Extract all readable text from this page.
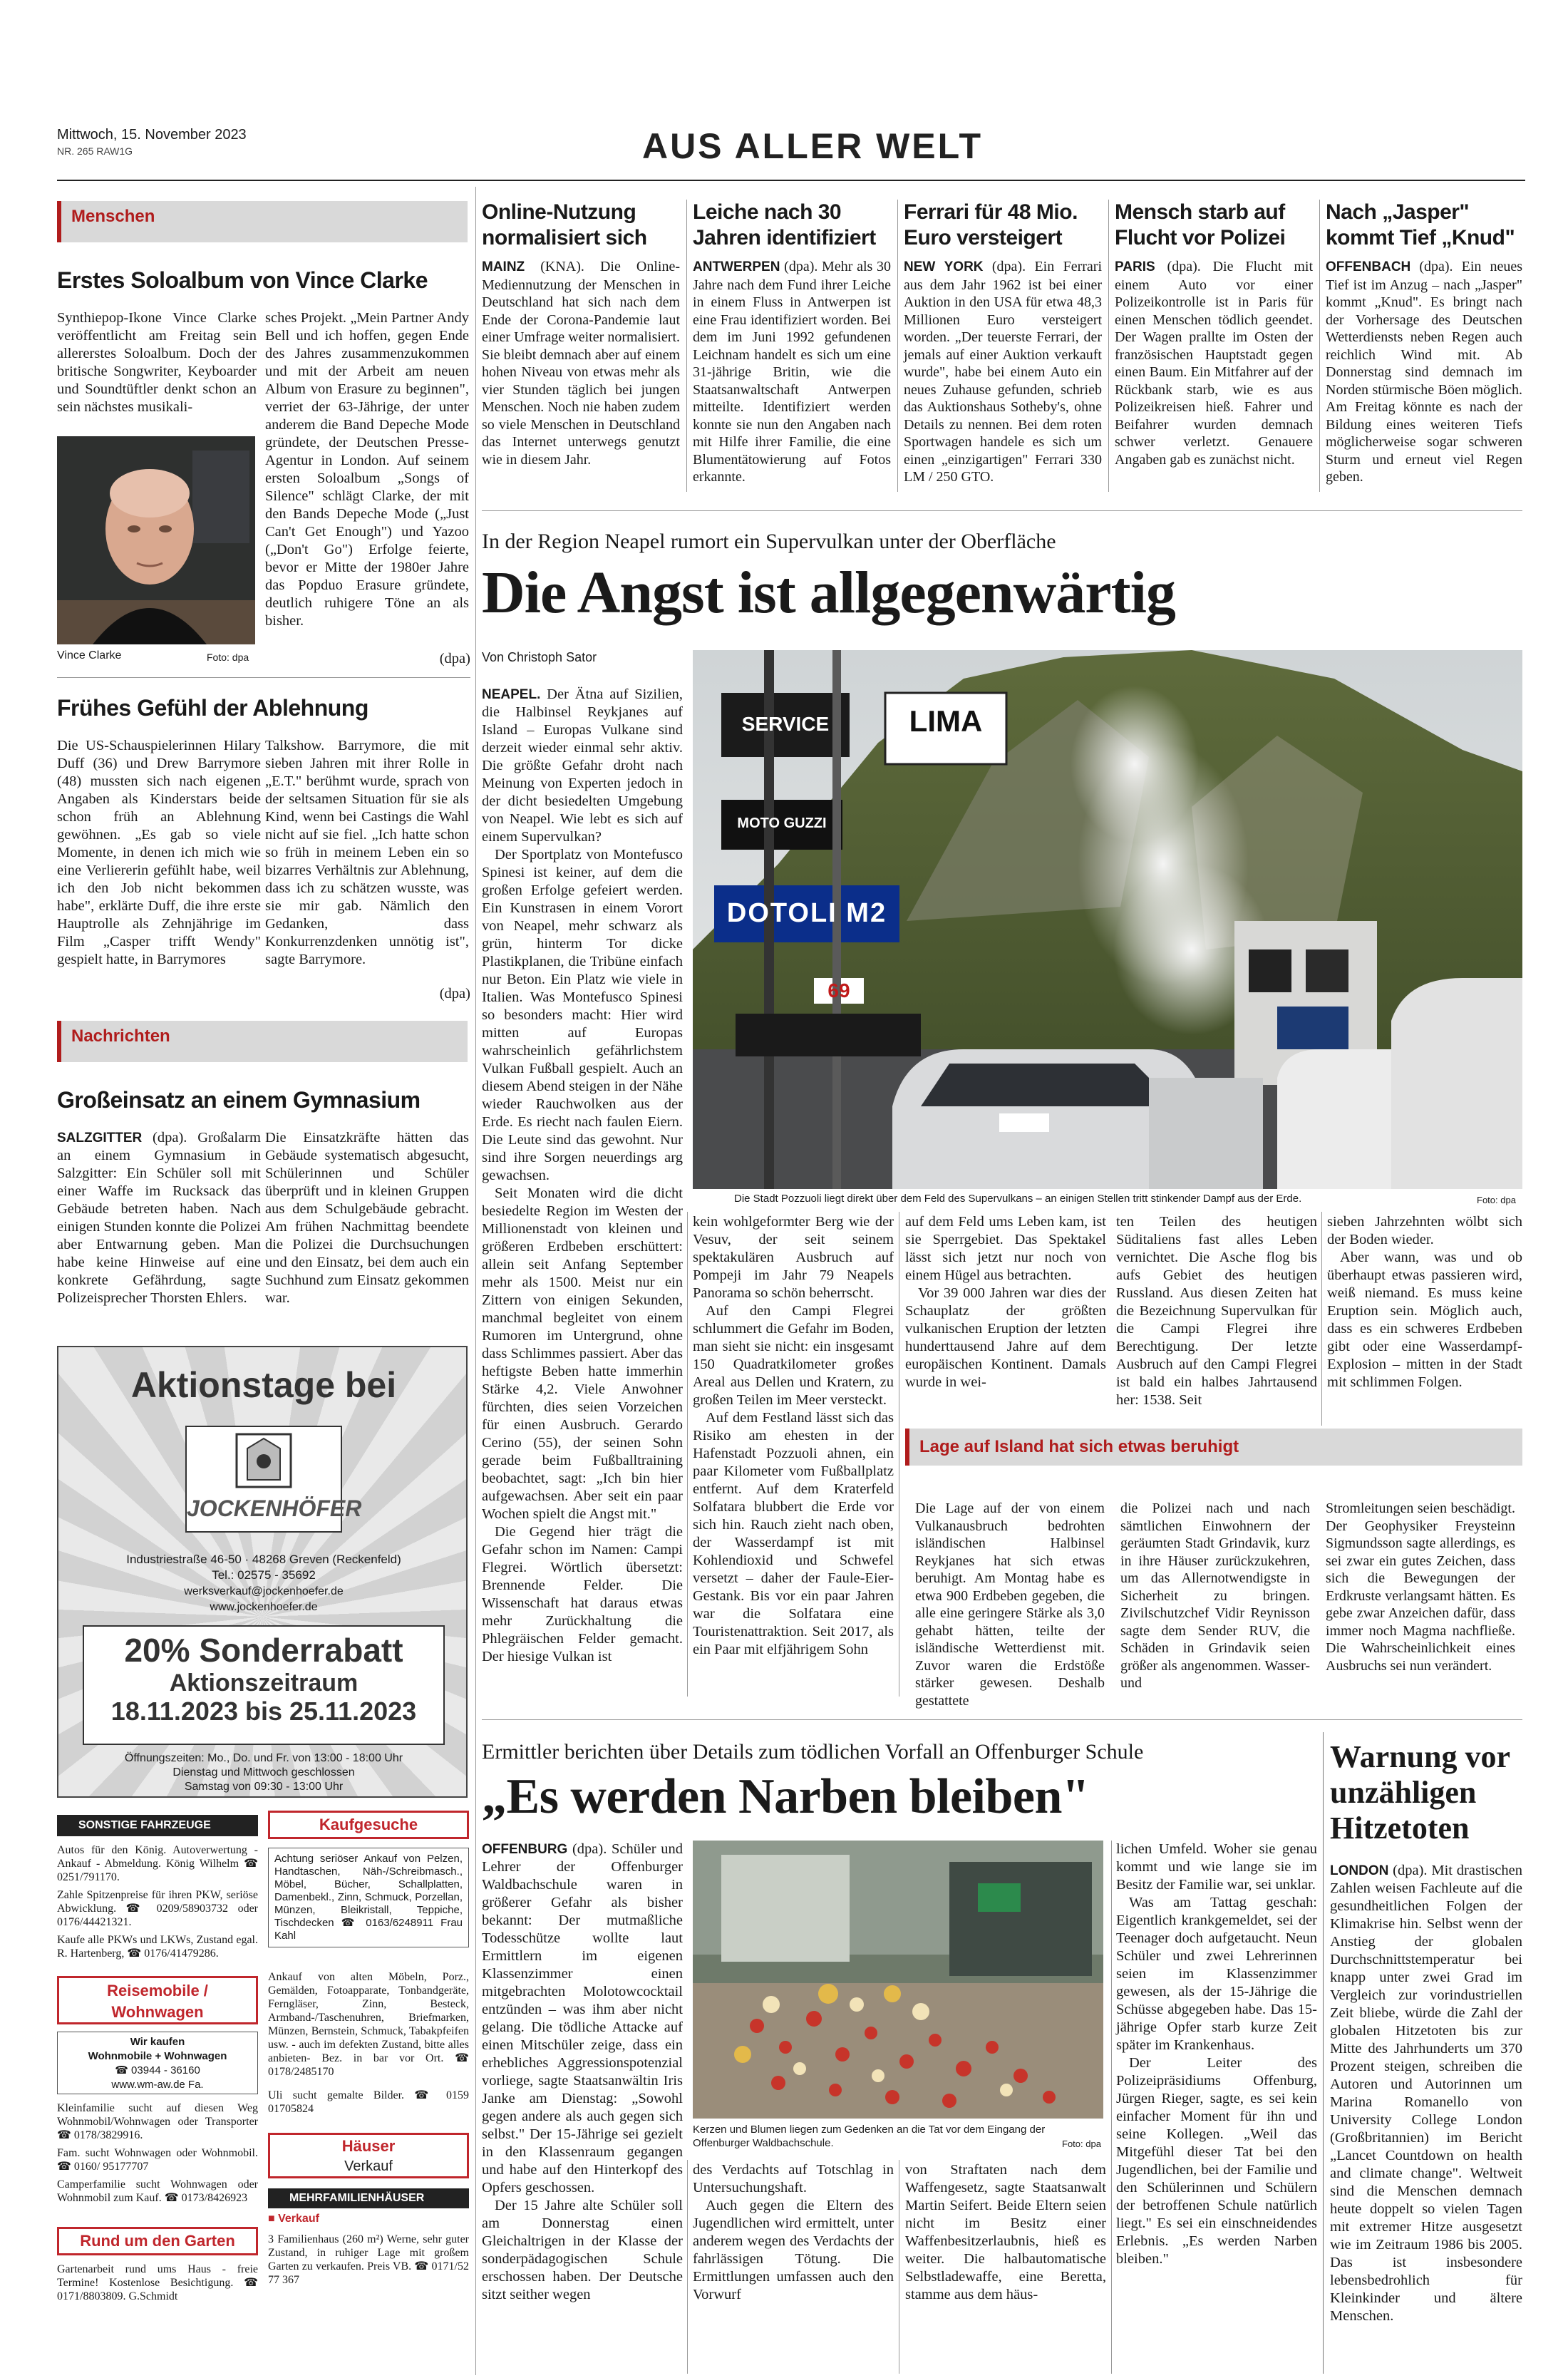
Mittwoch, 15. November 2023
NR. 265 RAW1G	AUS ALLER WELT
Menschen
Erstes Soloalbum von Vince Clarke
Synthiepop-Ikone Vince Clarke veröffentlicht am Freitag sein allererstes Soloalbum. Doch der britische Songwriter, Keyboarder und Soundtüftler denkt schon an sein nächstes musikali-
Vince Clarke	Foto: dpa
sches Projekt. „Mein Partner Andy Bell und ich hoffen, gegen Ende des Jahres zusammenzukommen und mit der Arbeit am neuen Album von Erasure zu beginnen", verriet der 63-Jährige, der unter anderem die Band Depeche Mode gründete, der Deutschen Presse-Agentur in London. Auf seinem ersten Soloalbum „Songs of Silence" schlägt Clarke, der mit den Bands Depeche Mode („Just Can't Get Enough") und Yazoo („Don't Go") Erfolge feierte, bevor er Mitte der 1980er Jahre das Popduo Erasure gründete, deutlich ruhigere Töne an als bisher.
(dpa)
Frühes Gefühl der Ablehnung
Die US-Schauspielerinnen Hilary Duff (36) und Drew Barrymore (48) mussten sich nach eigenen Angaben als Kinderstars beide schon früh an Ablehnung gewöhnen. „Es gab so viele Momente, in denen ich mich wie eine Verliererin gefühlt habe, weil ich den Job nicht bekommen habe", erklärte Duff, die ihre erste Hauptrolle als Zehnjährige im Film „Casper trifft Wendy" gespielt hatte, in Barrymores
Talkshow. Barrymore, die mit sieben Jahren mit ihrer Rolle in „E.T." berühmt wurde, sprach von der seltsamen Situation für sie als Kind, wenn bei Castings die Wahl nicht auf sie fiel. „Ich hatte schon so früh in meinem Leben ein so bizarres Verhältnis zur Ablehnung, dass ich zu schätzen wusste, was sie mir gab. Nämlich den Gedanken, dass Konkurrenzdenken unnötig ist", sagte Barrymore.
(dpa)
Nachrichten
Großeinsatz an einem Gymnasium
SALZGITTER (dpa). Großalarm an einem Gymnasium in Salzgitter: Ein Schüler soll mit einer Waffe im Rucksack das Gebäude betreten haben. Nach einigen Stunden konnte die Polizei aber Entwarnung geben. Man habe keine Hinweise auf eine konkrete Gefährdung, sagte Polizeisprecher Thorsten Ehlers.
Die Einsatzkräfte hätten das Gebäude systematisch abgesucht, Schülerinnen und Schüler überprüft und in kleinen Gruppen aus dem Schulgebäude gebracht. Am frühen Nachmittag beendete die Polizei die Durchsuchungen und den Einsatz, bei dem auch ein Suchhund zum Einsatz gekommen war.
Aktionstage bei
JOCKENHÖFER
Industriestraße 46-50 · 48268 Greven (Reckenfeld)
Tel.: 02575 - 35692
werksverkauf@jockenhoefer.de
www.jockenhoefer.de
20% Sonderrabatt
Aktionszeitraum
18.11.2023 bis 25.11.2023
Öffnungszeiten: Mo., Do. und Fr. von 13:00 - 18:00 Uhr
Dienstag und Mittwoch geschlossen
Samstag von 09:30 - 13:00 Uhr
SONSTIGE FAHRZEUGE

Autos für den König. Autoverwertung - Ankauf - Abmeldung. König Wilhelm ☎ 0251/791170.

Zahle Spitzenpreise für ihren PKW, seriöse Abwicklung. ☎ 0209/58903732 oder 0176/44421321.

Kaufe alle PKWs und LKWs, Zustand egal. R. Hartenberg, ☎ 0176/41479286.

Reisemobile / Wohnwagen
Wir kaufen
Wohnmobile + Wohnwagen
☎ 03944 - 36160
www.wm-aw.de Fa.

Kleinfamilie sucht auf diesen Weg Wohnmobil/Wohnwagen oder Transporter ☎ 0178/3829916.

Fam. sucht Wohnwagen oder Wohnmobil. ☎ 0160/ 95177707

Camperfamilie sucht Wohnwagen oder Wohnmobil zum Kauf. ☎ 0173/8426923

Rund um den Garten
Gartenarbeit rund ums Haus - freie Termine! Kostenlose Besichtigung. ☎ 0171/8803809. G.Schmidt
Kaufgesuche
Achtung seriöser Ankauf von Pelzen, Handtaschen, Näh-/Schreibmasch., Möbel, Bücher, Schallplatten, Damenbekl., Zinn, Schmuck, Porzellan, Münzen, Bleikristall, Teppiche, Tischdecken ☎ 0163/6248911 Frau Kahl

Ankauf von alten Möbeln, Porz., Gemälden, Fotoapparate, Tonbandgeräte, Ferngläser, Zinn, Besteck, Armband-/Taschenuhren, Briefmarken, Münzen, Bernstein, Schmuck, Tabakpfeifen usw. - auch im defekten Zustand, bitte alles anbieten- Bez. in bar vor Ort. ☎ 0178/2485170

Uli sucht gemalte Bilder. ☎ 0159 01705824

Häuser
Verkauf
MEHRFAMILIENHÄUSER
■ Verkauf
3 Familienhaus (260 m²) Werne, sehr guter Zustand, in ruhiger Lage mit großem Garten zu verkaufen. Preis VB. ☎ 0171/52 77 367
Online-Nutzung normalisiert sich
MAINZ (KNA). Die Online-Mediennutzung der Menschen in Deutschland hat sich nach dem Ende der Corona-Pandemie laut einer Umfrage weiter normalisiert. Sie bleibt demnach aber auf einem hohen Niveau von etwas mehr als vier Stunden täglich bei jungen Menschen. Noch nie haben zudem so viele Menschen in Deutschland das Internet unterwegs genutzt wie in diesem Jahr.
Leiche nach 30 Jahren identifiziert
ANTWERPEN (dpa). Mehr als 30 Jahre nach dem Fund ihrer Leiche in einem Fluss in Antwerpen ist eine Frau identifiziert worden. Bei dem im Juni 1992 gefundenen Leichnam handelt es sich um eine 31-jährige Britin, wie die Staatsanwaltschaft Antwerpen mitteilte. Identifiziert werden konnte sie nun den Angaben nach mit Hilfe ihrer Familie, die eine Blumentätowierung auf Fotos erkannte.
Ferrari für 48 Mio. Euro versteigert
NEW YORK (dpa). Ein Ferrari aus dem Jahr 1962 ist bei einer Auktion in den USA für etwa 48,3 Millionen Euro versteigert worden. „Der teuerste Ferrari, der jemals auf einer Auktion verkauft wurde", habe bei einem Auto ein neues Zuhause gefunden, schrieb das Auktionshaus Sotheby's, ohne Details zu nennen. Bei dem roten Sportwagen handele es sich um einen „einzigartigen" Ferrari 330 LM / 250 GTO.
Mensch starb auf Flucht vor Polizei
PARIS (dpa). Die Flucht mit einem Auto vor einer Polizeikontrolle ist in Paris für einen Menschen tödlich geendet. Der Wagen prallte im Osten der französischen Hauptstadt gegen einen Baum. Ein Mitfahrer auf der Rückbank starb, wie es aus Polizeikreisen hieß. Fahrer und Beifahrer wurden demnach schwer verletzt. Genauere Angaben gab es zunächst nicht.
Nach „Jasper" kommt Tief „Knud"
OFFENBACH (dpa). Ein neues Tief ist im Anzug – nach „Jasper" kommt „Knud". Es bringt nach der Vorhersage des Deutschen Wetterdiensts neben Regen auch reichlich Wind mit. Ab Donnerstag sind demnach im Norden stürmische Böen möglich. Am Freitag könnte es nach der Bildung eines weiteren Tiefs möglicherweise sogar schweren Sturm und erneut viel Regen geben.
In der Region Neapel rumort ein Supervulkan unter der Oberfläche
Die Angst ist allgegenwärtig
Von Christoph Sator

NEAPEL. Der Ätna auf Sizilien, die Halbinsel Reykjanes auf Island – Europas Vulkane sind derzeit wieder einmal sehr aktiv. Die größte Gefahr droht nach Meinung von Experten jedoch in der dicht besiedelten Umgebung von Neapel. Wie lebt es sich auf einem Supervulkan?

Der Sportplatz von Montefusco Spinesi ist keiner, auf dem die großen Erfolge gefeiert werden. Ein Kunstrasen in einem Vorort von Neapel, mehr schwarz als grün, hinterm Tor dicke Plastikplanen, die Tribüne einfach nur Beton. Ein Platz wie viele in Italien. Was Montefusco Spinesi so besonders macht: Hier wird mitten auf Europas wahrscheinlich gefährlichstem Vulkan Fußball gespielt. Auch an diesem Abend steigen in der Nähe wieder Rauchwolken aus der Erde. Es riecht nach faulen Eiern. Die Leute sind das gewohnt. Nur sind ihre Sorgen neuerdings arg gewachsen.

Seit Monaten wird die dicht besiedelte Region im Westen der Millionenstadt von kleinen und größeren Erdbeben erschüttert: allein seit Anfang September mehr als 1500. Meist nur ein Zittern von einigen Sekunden, manchmal begleitet von einem Rumoren im Untergrund, ohne dass Schlimmes passiert. Aber das heftigste Beben hatte immerhin Stärke 4,2. Viele Anwohner fürchten, dies seien Vorzeichen für einen Ausbruch. Gerardo Cerino (55), der seinen Sohn gerade beim Fußballtraining beobachtet, sagt: „Ich bin hier aufgewachsen. Aber seit ein paar Wochen spielt die Angst mit."

Die Gegend hier trägt die Gefahr schon im Namen: Campi Flegrei. Wörtlich übersetzt: Brennende Felder. Die Wissenschaft hat daraus etwas mehr Zurückhaltung die Phlegräischen Felder gemacht. Der hiesige Vulkan ist

SERVICE	LIMA
MOTO GUZZI
DOTOLI M2
69
Die Stadt Pozzuoli liegt direkt über dem Feld des Supervulkans – an einigen Stellen tritt stinkender Dampf aus der Erde.	Foto: dpa

kein wohlgeformter Berg wie der Vesuv, der seit seinem spektakulären Ausbruch auf Pompeji im Jahr 79 Neapels Panorama so schön beherrscht.

Auf den Campi Flegrei schlummert die Gefahr im Boden, man sieht sie nicht: ein insgesamt 150 Quadratkilometer großes Areal aus Dellen und Kratern, zu großen Teilen im Meer versteckt.

Auf dem Festland lässt sich das Risiko am ehesten in der Hafenstadt Pozzuoli ahnen, ein paar Kilometer vom Fußballplatz entfernt. Auf dem Kraterfeld Solfatara blubbert die Erde vor sich hin. Rauch zieht nach oben, der Wasserdampf ist mit Kohlendioxid und Schwefel versetzt – daher der Faule-Eier-Gestank. Bis vor ein paar Jahren war die Solfatara eine Touristenattraktion. Seit 2017, als ein Paar mit elfjährigem Sohn

auf dem Feld ums Leben kam, ist sie Sperrgebiet. Das Spektakel lässt sich jetzt nur noch von einem Hügel aus betrachten.

Vor 39 000 Jahren war dies der Schauplatz der größten vulkanischen Eruption der letzten hunderttausend Jahre auf dem europäischen Kontinent. Damals wurde in wei-

ten Teilen des heutigen Süditaliens fast alles Leben vernichtet. Die Asche flog bis aufs Gebiet des heutigen Russland. Aus diesen Zeiten hat die Bezeichnung Supervulkan für die Campi Flegrei ihre Berechtigung. Der letzte Ausbruch auf den Campi Flegrei ist bald ein halbes Jahrtausend her: 1538. Seit

sieben Jahrzehnten wölbt sich der Boden wieder.

Aber wann, was und ob überhaupt etwas passieren wird, weiß niemand. Es muss keine Eruption sein. Möglich auch, dass es ein schweres Erdbeben gibt oder eine Wasserdampf-Explosion – mitten in der Stadt mit schlimmen Folgen.

Lage auf Island hat sich etwas beruhigt
Die Lage auf der von einem Vulkanausbruch bedrohten isländischen Halbinsel Reykjanes hat sich etwas beruhigt. Am Montag habe es etwa 900 Erdbeben gegeben, die alle eine geringere Stärke als 3,0 gehabt hätten, teilte der isländische Wetterdienst mit. Zuvor waren die Erdstöße stärker gewesen. Deshalb gestattete
die Polizei nach und nach sämtlichen Einwohnern der geräumten Stadt Grindavik, kurz in ihre Häuser zurückzukehren, um das Allernotwendigste in Sicherheit zu bringen. Zivilschutzchef Vidir Reynisson sagte dem Sender RUV, die Schäden in Grindavik seien größer als angenommen. Wasser- und
Stromleitungen seien beschädigt. Der Geophysiker Freysteinn Sigmundsson sagte allerdings, es sei zwar ein gutes Zeichen, dass sich die Bewegungen der Erdkruste verlangsamt hätten. Es gebe zwar Anzeichen dafür, dass immer noch Magma nachfließe. Die Wahrscheinlichkeit eines Ausbruchs sei nun verändert.
Ermittler berichten über Details zum tödlichen Vorfall an Offenburger Schule
„Es werden Narben bleiben"

OFFENBURG (dpa). Schüler und Lehrer der Offenburger Waldbachschule waren in größerer Gefahr als bisher bekannt: Der mutmaßliche Todesschütze wollte laut Ermittlern im eigenen Klassenzimmer einen mitgebrachten Molotowcocktail entzünden – was ihm aber nicht gelang. Die tödliche Attacke auf einen Mitschüler zeige, dass ein erhebliches Aggressionspotenzial vorliege, sagte Staatsanwältin Iris Janke am Dienstag: „Sowohl gegen andere als auch gegen sich selbst." Der 15-Jährige sei gezielt in den Klassenraum gegangen und habe auf den Hinterkopf des Opfers geschossen.

Der 15 Jahre alte Schüler soll am Donnerstag einen Gleichaltrigen in der Klasse der sonderpädagogischen Schule erschossen haben. Der Deutsche sitzt seither wegen

Kerzen und Blumen liegen zum Gedenken an die Tat vor dem Eingang der Offenburger Waldbachschule.	Foto: dpa

des Verdachts auf Totschlag in Untersuchungshaft.

Auch gegen die Eltern des Jugendlichen wird ermittelt, unter anderem wegen des Verdachts der fahrlässigen Tötung. Die Ermittlungen umfassen auch den Vorwurf

von Straftaten nach dem Waffengesetz, sagte Staatsanwalt Martin Seifert. Beide Eltern seien nicht im Besitz einer Waffenbesitzerlaubnis, hieß es weiter. Die halbautomatische Selbstladewaffe, eine Beretta, stamme aus dem häus-

lichen Umfeld. Woher sie genau kommt und wie lange sie im Besitz der Familie war, sei unklar.

Was am Tattag geschah: Eigentlich krankgemeldet, sei der Teenager doch aufgetaucht. Neun Schüler und zwei Lehrerinnen seien im Klassenzimmer gewesen, als der 15-Jährige die Schüsse abgegeben habe. Das 15-jährige Opfer starb kurze Zeit später im Krankenhaus.

Der Leiter des Polizeipräsidiums Offenburg, Jürgen Rieger, sagte, es sei kein einfacher Moment für ihn und seine Kollegen. „Weil das Mitgefühl dieser Tat bei den Jugendlichen, bei der Familie und den Schülerinnen und Schülern der betroffenen Schule natürlich liegt." Es sei ein einschneidendes Erlebnis. „Es werden Narben bleiben."

Warnung vor unzähligen Hitzetoten
LONDON (dpa). Mit drastischen Zahlen weisen Fachleute auf die gesundheitlichen Folgen der Klimakrise hin. Selbst wenn der Anstieg der globalen Durchschnittstemperatur bei knapp unter zwei Grad im Vergleich zur vorindustriellen Zeit bliebe, würde die Zahl der globalen Hitzetoten bis zur Mitte des Jahrhunderts um 370 Prozent steigen, schreiben die Autoren und Autorinnen um Marina Romanello von University College London (Großbritannien) im Bericht „Lancet Countdown on health and climate change". Weltweit sind die Menschen demnach heute doppelt so vielen Tagen mit extremer Hitze ausgesetzt wie im Zeitraum 1986 bis 2005. Das ist insbesondere lebensbedrohlich für Kleinkinder und ältere Menschen.
